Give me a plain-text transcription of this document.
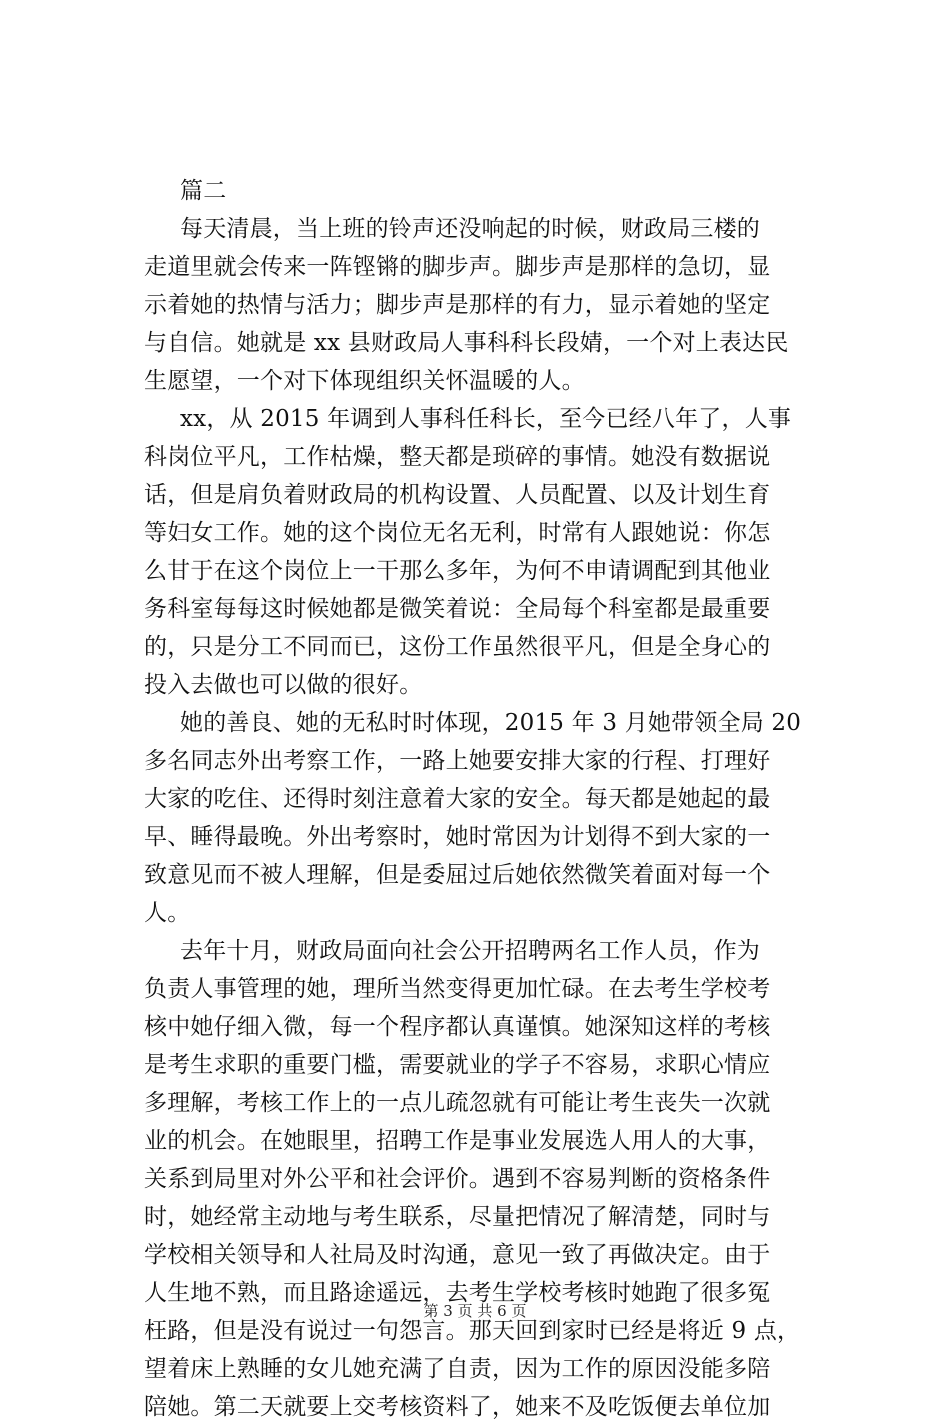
篇二
每天清晨，当上班的铃声还没响起的时候，财政局三楼的
走道里就会传来一阵铿锵的脚步声。脚步声是那样的急切，显
示着她的热情与活力；脚步声是那样的有力，显示着她的坚定
与自信。她就是 xx 县财政局人事科科长段婧，一个对上表达民
生愿望，一个对下体现组织关怀温暖的人。
xx，从 2015 年调到人事科任科长，至今已经八年了，人事
科岗位平凡，工作枯燥，整天都是琐碎的事情。她没有数据说
话，但是肩负着财政局的机构设置、人员配置、以及计划生育
等妇女工作。她的这个岗位无名无利，时常有人跟她说：你怎
么甘于在这个岗位上一干那么多年，为何不申请调配到其他业
务科室每每这时候她都是微笑着说：全局每个科室都是最重要
的，只是分工不同而已，这份工作虽然很平凡，但是全身心的
投入去做也可以做的很好。
她的善良、她的无私时时体现，2015 年 3 月她带领全局 20
多名同志外出考察工作，一路上她要安排大家的行程、打理好
大家的吃住、还得时刻注意着大家的安全。每天都是她起的最
早、睡得最晚。外出考察时，她时常因为计划得不到大家的一
致意见而不被人理解，但是委屈过后她依然微笑着面对每一个
人。
去年十月，财政局面向社会公开招聘两名工作人员，作为
负责人事管理的她，理所当然变得更加忙碌。在去考生学校考
核中她仔细入微，每一个程序都认真谨慎。她深知这样的考核
是考生求职的重要门槛，需要就业的学子不容易，求职心情应
多理解，考核工作上的一点儿疏忽就有可能让考生丧失一次就
业的机会。在她眼里，招聘工作是事业发展选人用人的大事，
关系到局里对外公平和社会评价。遇到不容易判断的资格条件
时，她经常主动地与考生联系，尽量把情况了解清楚，同时与
学校相关领导和人社局及时沟通，意见一致了再做决定。由于
人生地不熟，而且路途遥远，去考生学校考核时她跑了很多冤
枉路，但是没有说过一句怨言。那天回到家时已经是将近 9 点，
望着床上熟睡的女儿她充满了自责，因为工作的原因没能多陪
陪她。第二天就要上交考核资料了，她来不及吃饭便去单位加
第 3 页 共 6 页
